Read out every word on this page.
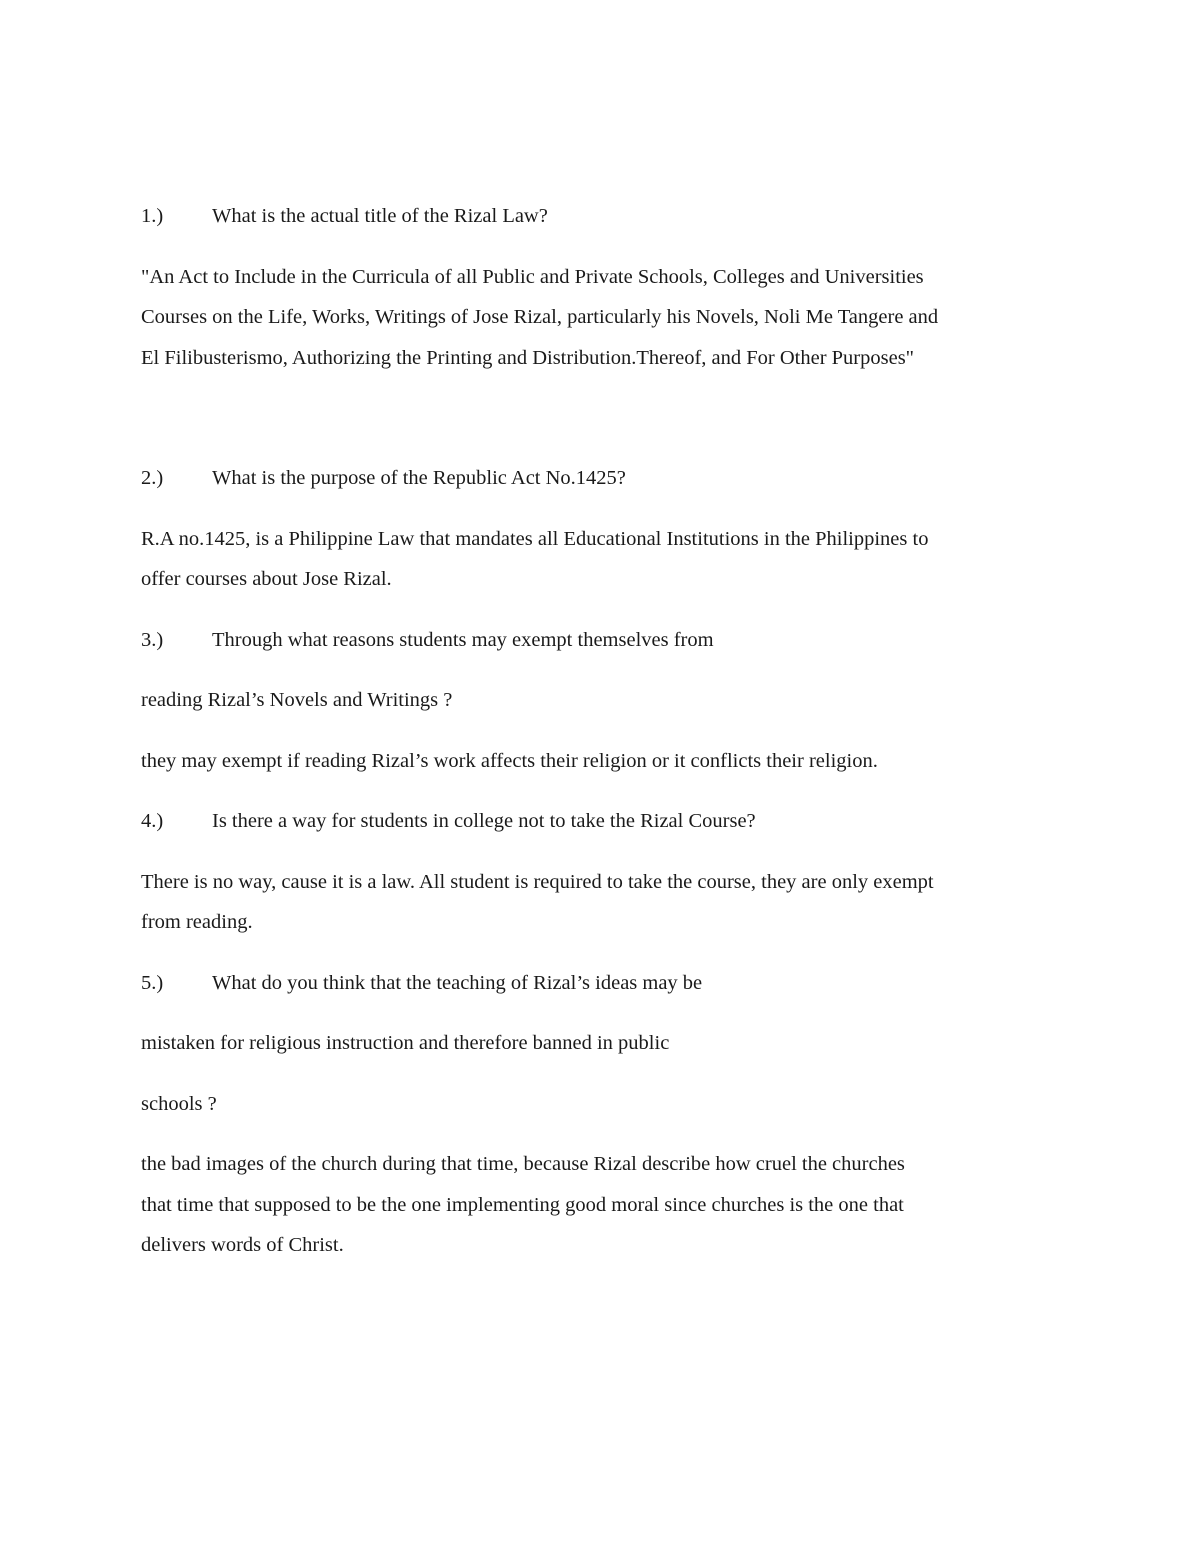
1.)	What is the actual title of the Rizal Law?

"An Act to Include in the Curricula of all Public and Private Schools, Colleges and Universities

Courses on the Life, Works, Writings of Jose Rizal, particularly his Novels, Noli Me Tangere and

El Filibusterismo, Authorizing the Printing and Distribution.Thereof, and For Other Purposes"

2.)	What is the purpose of the Republic Act No.1425?

R.A no.1425, is a Philippine Law that mandates all Educational Institutions in the Philippines to

offer courses about Jose Rizal.

3.)	Through what reasons students may exempt themselves from

reading Rizal’s Novels and Writings ?

they may exempt if reading Rizal’s work affects their religion or it conflicts their religion.

4.)	Is there a way for students in college not to take the Rizal Course?

There is no way, cause it is a law. All student is required to take the course, they are only exempt

from reading.

5.)	What do you think that the teaching of Rizal’s ideas may be

mistaken for religious instruction and therefore banned in public

schools ?

the bad images of the church during that time, because Rizal describe how cruel the churches

that time that supposed to be the one implementing good moral since churches is the one that

delivers words of Christ.
